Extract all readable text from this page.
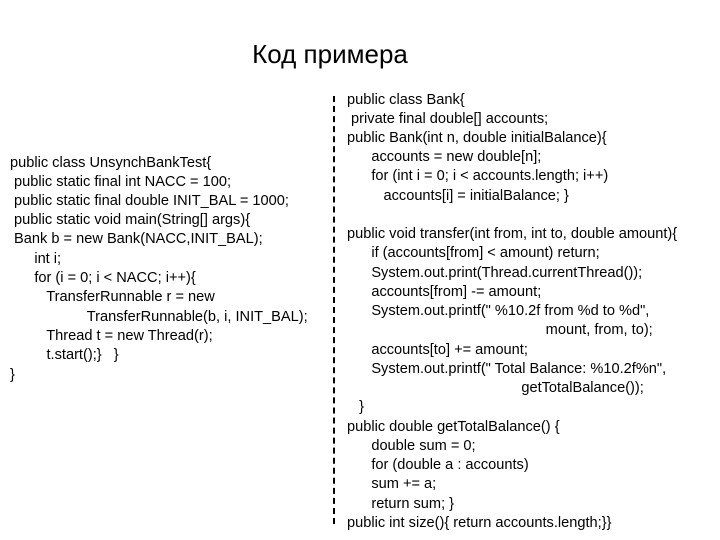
Код примера
public class UnsynchBankTest{
public static final int NACC = 100;
public static final double INIT_BAL = 1000;
public static void main(String[] args){
Bank b = new Bank(NACC,INIT_BAL);
int i;
for (i = 0; i < NACC; i++){
TransferRunnable r = new
TransferRunnable(b, i, INIT_BAL);
Thread t = new Thread(r);
t.start();}   }
}
public class Bank{
private final double[] accounts;
public Bank(int n, double initialBalance){
accounts = new double[n];
for (int i = 0; i < accounts.length; i++)
accounts[i] = initialBalance; }
public void transfer(int from, int to, double amount){
if (accounts[from] < amount) return;
System.out.print(Thread.currentThread());
accounts[from] -= amount;
System.out.printf(" %10.2f from %d to %d",
mount, from, to);
accounts[to] += amount;
System.out.printf(" Total Balance: %10.2f%n",
getTotalBalance());
}
public double getTotalBalance() {
double sum = 0;
for (double a : accounts)
sum += a;
return sum; }
public int size(){ return accounts.length;}}
